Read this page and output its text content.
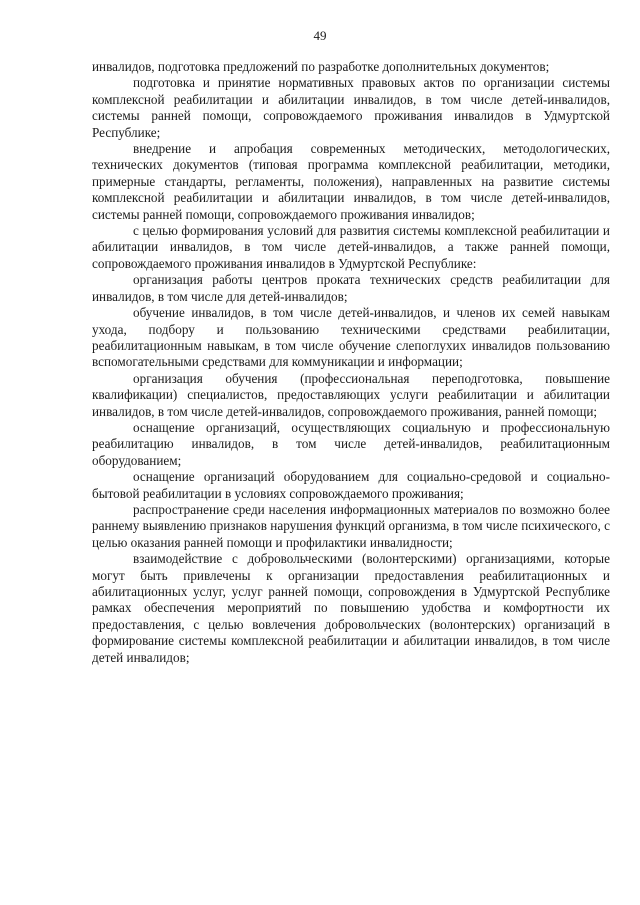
49

инвалидов, подготовка предложений по разработке дополнительных документов;

подготовка и принятие нормативных правовых актов по организации системы комплексной реабилитации и абилитации инвалидов, в том числе детей-инвалидов, системы ранней помощи, сопровождаемого проживания инвалидов в Удмуртской Республике;

внедрение и апробация современных методических, методологических, технических документов (типовая программа комплексной реабилитации, методики, примерные стандарты, регламенты, положения), направленных на развитие системы комплексной реабилитации и абилитации инвалидов, в том числе детей-инвалидов, системы ранней помощи, сопровождаемого проживания инвалидов;

с целью формирования условий для развития системы комплексной реабилитации и абилитации инвалидов, в том числе детей-инвалидов, а также ранней помощи, сопровождаемого проживания инвалидов в Удмуртской Республике:

организация работы центров проката технических средств реабилитации для инвалидов, в том числе для детей-инвалидов;

обучение инвалидов, в том числе детей-инвалидов, и членов их семей навыкам ухода, подбору и пользованию техническими средствами реабилитации, реабилитационным навыкам, в том числе обучение слепоглухих инвалидов пользованию вспомогательными средствами для коммуникации и информации;

организация обучения (профессиональная переподготовка, повышение квалификации) специалистов, предоставляющих услуги реабилитации и абилитации инвалидов, в том числе детей-инвалидов, сопровождаемого проживания, ранней помощи;

оснащение организаций, осуществляющих социальную и профессиональную реабилитацию инвалидов, в том числе детей-инвалидов, реабилитационным оборудованием;

оснащение организаций оборудованием для социально-средовой и социально-бытовой реабилитации в условиях сопровождаемого проживания;

распространение среди населения информационных материалов по возможно более раннему выявлению признаков нарушения функций организма, в том числе психического, с целью оказания ранней помощи и профилактики инвалидности;

взаимодействие с добровольческими (волонтерскими) организациями, которые могут быть привлечены к организации предоставления реабилитационных и абилитационных услуг, услуг ранней помощи, сопровождения в Удмуртской Республике рамках обеспечения мероприятий по повышению удобства и комфортности их предоставления, с целью вовлечения добровольческих (волонтерских) организаций в формирование системы комплексной реабилитации и абилитации инвалидов, в том числе детей инвалидов;
